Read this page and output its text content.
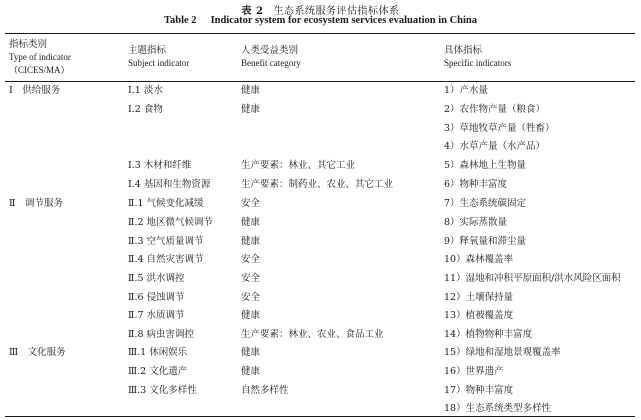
表 2 生态系统服务评估指标体系
Table 2 Indicator system for ecosystem services evaluation in China
指标类别
Type of indicator
（CICES/MA）
主题指标
Subject indicator
人类受益类别
Benefit category
具体指标
Specific indicators
Ⅰ　供给服务
Ⅱ　调节服务
Ⅲ　文化服务
Ⅰ.1 淡水
Ⅰ.2 食物
Ⅰ.3 木材和纤维
Ⅰ.4 基因和生物资源
Ⅱ.1 气候变化减缓
Ⅱ.2 地区微气候调节
Ⅱ.3 空气质量调节
Ⅱ.4 自然灾害调节
Ⅱ.5 洪水调控
Ⅱ.6 侵蚀调节
Ⅱ.7 水质调节
Ⅱ.8 病虫害调控
Ⅲ.1 休闲娱乐
Ⅲ.2 文化遗产
Ⅲ.3 文化多样性
健康
健康
生产要素：林业、其它工业
生产要素：制药业、农业、其它工业
安全
健康
健康
安全
安全
安全
健康
生产要素：林业、农业、食品工业
健康
健康
自然多样性
1）产水量
2）农作物产量（粮食）
3）草地牧草产量（牲畜）
4）水草产量（水产品）
5）森林地上生物量
6）物种丰富度
7）生态系统碳固定
8）实际蒸散量
9）释氧量和滞尘量
10）森林覆盖率
11）湿地和冲积平原面积/洪水风险区面积
12）土壤保持量
13）植被覆盖度
14）植物物种丰富度
15）绿地和湿地景观覆盖率
16）世界遗产
17）物种丰富度
18）生态系统类型多样性
